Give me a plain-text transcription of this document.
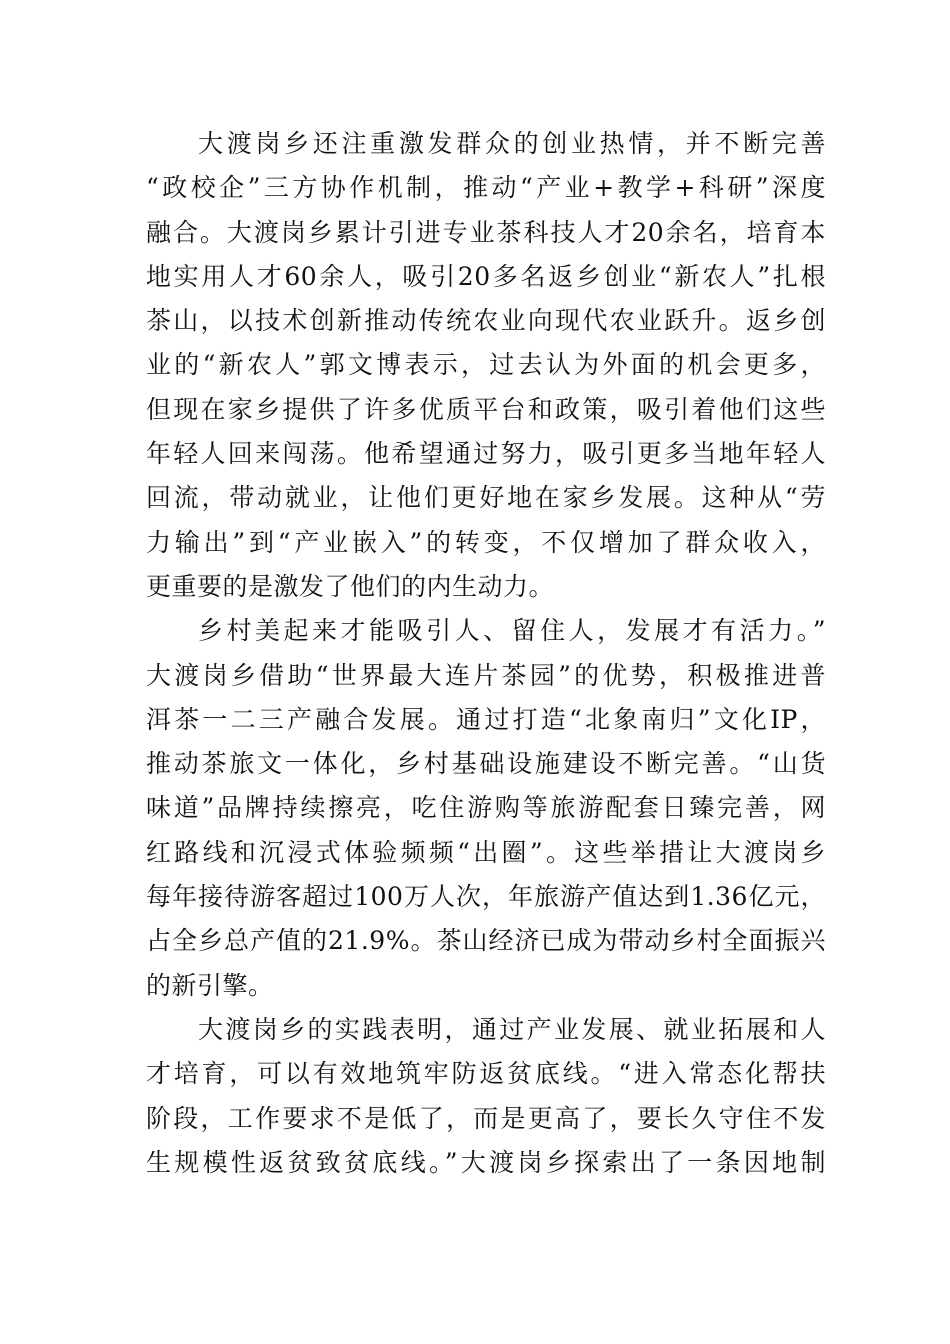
大渡岗乡还注重激发群众的创业热情，并不断完善
“政校企”三方协作机制，推动“产业+教学+科研”深度
融合。大渡岗乡累计引进专业茶科技人才20余名，培育本
地实用人才60余人，吸引20多名返乡创业“新农人”扎根
茶山，以技术创新推动传统农业向现代农业跃升。返乡创
业的“新农人”郭文博表示，过去认为外面的机会更多，
但现在家乡提供了许多优质平台和政策，吸引着他们这些
年轻人回来闯荡。他希望通过努力，吸引更多当地年轻人
回流，带动就业，让他们更好地在家乡发展。这种从“劳
力输出”到“产业嵌入”的转变，不仅增加了群众收入，
更重要的是激发了他们的内生动力。
乡村美起来才能吸引人、留住人，发展才有活力。”
大渡岗乡借助“世界最大连片茶园”的优势，积极推进普
洱茶一二三产融合发展。通过打造“北象南归”文化IP，
推动茶旅文一体化，乡村基础设施建设不断完善。“山货
味道”品牌持续擦亮，吃住游购等旅游配套日臻完善，网
红路线和沉浸式体验频频“出圈”。这些举措让大渡岗乡
每年接待游客超过100万人次，年旅游产值达到1.36亿元，
占全乡总产值的21.9%。茶山经济已成为带动乡村全面振兴
的新引擎。
大渡岗乡的实践表明，通过产业发展、就业拓展和人
才培育，可以有效地筑牢防返贫底线。“进入常态化帮扶
阶段，工作要求不是低了，而是更高了，要长久守住不发
生规模性返贫致贫底线。”大渡岗乡探索出了一条因地制
